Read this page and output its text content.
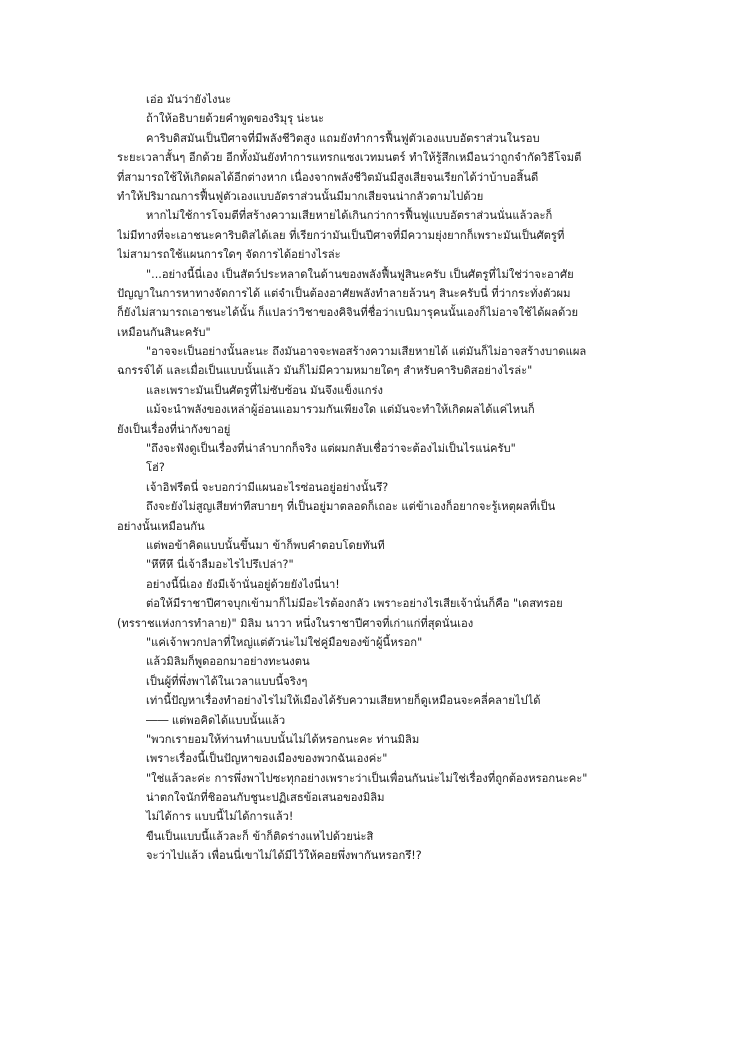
เอ่อ มันว่ายังไงนะ
ถ้าให้อธิบายด้วยคำพูดของริมุรุ น่ะนะ
คาริบดิสมันเป็นปีศาจที่มีพลังชีวิตสูง แถมยังทำการฟื้นฟูตัวเองแบบอัตราส่วนในรอบ
ระยะเวลาสั้นๆ อีกด้วย อีกทั้งมันยังทำการแทรกแซงเวทมนตร์ ทำให้รู้สึกเหมือนว่าถูกจำกัดวิธีโจมตี
ที่สามารถใช้ให้เกิดผลได้อีกต่างหาก เนื่องจากพลังชีวิตมันมีสูงเสียจนเรียกได้ว่าบ้าบอสิ้นดี
ทำให้ปริมาณการฟื้นฟูตัวเองแบบอัตราส่วนนั้นมีมากเสียจนน่ากลัวตามไปด้วย
หากไม่ใช้การโจมตีที่สร้างความเสียหายได้เกินกว่าการฟื้นฟูแบบอัตราส่วนนั่นแล้วละก็
ไม่มีทางที่จะเอาชนะคาริบดิสได้เลย ที่เรียกว่ามันเป็นปีศาจที่มีความยุ่งยากก็เพราะมันเป็นศัตรูที่
ไม่สามารถใช้แผนการใดๆ จัดการได้อย่างไรล่ะ
"...อย่างนี้นี่เอง เป็นสัตว์ประหลาดในด้านของพลังฟื้นฟูสินะครับ เป็นศัตรูที่ไม่ใช่ว่าจะอาศัย
ปัญญาในการหาทางจัดการได้ แต่จำเป็นต้องอาศัยพลังทำลายล้วนๆ สินะครับนี่ ที่ว่ากระทั่งตัวผม
ก็ยังไม่สามารถเอาชนะได้นั้น ก็แปลว่าวิชาของคิจินที่ชื่อว่าเบนิมารุคนนั้นเองก็ไม่อาจใช้ได้ผลด้วย
เหมือนกันสินะครับ"
"อาจจะเป็นอย่างนั้นละนะ ถึงมันอาจจะพอสร้างความเสียหายได้ แต่มันก็ไม่อาจสร้างบาดแผล
ฉกรรจ์ได้ และเมื่อเป็นแบบนั้นแล้ว มันก็ไม่มีความหมายใดๆ สำหรับคาริบดิสอย่างไรล่ะ"
และเพราะมันเป็นศัตรูที่ไม่ซับซ้อน มันจึงแข็งแกร่ง
แม้จะนำพลังของเหล่าผู้อ่อนแอมารวมกันเพียงใด แต่มันจะทำให้เกิดผลได้แค่ไหนก็
ยังเป็นเรื่องที่น่ากังขาอยู่
"ถึงจะฟังดูเป็นเรื่องที่น่าลำบากก็จริง แต่ผมกลับเชื่อว่าจะต้องไม่เป็นไรแน่ครับ"
โฮ่?
เจ้าอิฟรีตนี่ จะบอกว่ามีแผนอะไรซ่อนอยู่อย่างนั้นรึ?
ถึงจะยังไม่สูญเสียท่าทีสบายๆ ที่เป็นอยู่มาตลอดก็เถอะ แต่ข้าเองก็อยากจะรู้เหตุผลที่เป็น
อย่างนั้นเหมือนกัน
แต่พอข้าคิดแบบนั้นขึ้นมา ข้าก็พบคำตอบโดยทันที
"หึหึหึ นี่เจ้าลืมอะไรไปรึเปล่า?"
อย่างนี้นี่เอง ยังมีเจ้านั่นอยู่ด้วยยังไงนี่นา!
ต่อให้มีราชาปีศาจบุกเข้ามาก็ไม่มีอะไรต้องกลัว เพราะอย่างไรเสียเจ้านั่นก็คือ "เดสทรอย
(ทรราชแห่งการทำลาย)" มิลิม นาวา หนึ่งในราชาปีศาจที่เก่าแก่ที่สุดนั่นเอง
"แค่เจ้าพวกปลาที่ใหญ่แต่ตัวน่ะไม่ใช่คู่มือของข้าผู้นี้หรอก"
แล้วมิลิมก็พูดออกมาอย่างทะนงตน
เป็นผู้ที่พึ่งพาได้ในเวลาแบบนี้จริงๆ
เท่านี้ปัญหาเรื่องทำอย่างไรไม่ให้เมืองได้รับความเสียหายก็ดูเหมือนจะคลี่คลายไปได้
―― แต่พอคิดได้แบบนั้นแล้ว
"พวกเรายอมให้ท่านทำแบบนั้นไม่ได้หรอกนะคะ ท่านมิลิม
เพราะเรื่องนี้เป็นปัญหาของเมืองของพวกฉันเองค่ะ"
"ใช่แล้วละค่ะ การพึ่งพาไปซะทุกอย่างเพราะว่าเป็นเพื่อนกันน่ะไม่ใช่เรื่องที่ถูกต้องหรอกนะคะ"
น่าตกใจนักที่ชิออนกับชูนะปฏิเสธข้อเสนอของมิลิม
ไม่ได้การ แบบนี้ไม่ได้การแล้ว!
ขืนเป็นแบบนี้แล้วละก็ ข้าก็ติดร่างแหไปด้วยน่ะสิ
จะว่าไปแล้ว เพื่อนนี่เขาไม่ได้มีไว้ให้คอยพึ่งพากันหรอกรึ!?
